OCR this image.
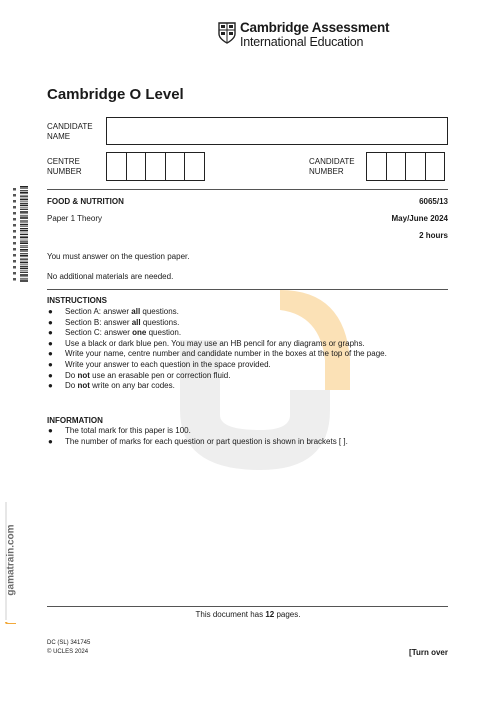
Cambridge Assessment
International Education
Cambridge O Level
CANDIDATE
NAME
CENTRE
NUMBER
CANDIDATE
NUMBER
FOOD & NUTRITION	6065/13
Paper 1 Theory	May/June 2024
2 hours
You must answer on the question paper.
No additional materials are needed.
INSTRUCTIONS
● Section A: answer all questions.
● Section B: answer all questions.
● Section C: answer one question.
● Use a black or dark blue pen. You may use an HB pencil for any diagrams or graphs.
● Write your name, centre number and candidate number in the boxes at the top of the page.
● Write your answer to each question in the space provided.
● Do not use an erasable pen or correction fluid.
● Do not write on any bar codes.
INFORMATION
● The total mark for this paper is 100.
● The number of marks for each question or part question is shown in brackets [ ].
gamatrain.com
This document has 12 pages.
DC (SL) 341745
© UCLES 2024	[Turn over
